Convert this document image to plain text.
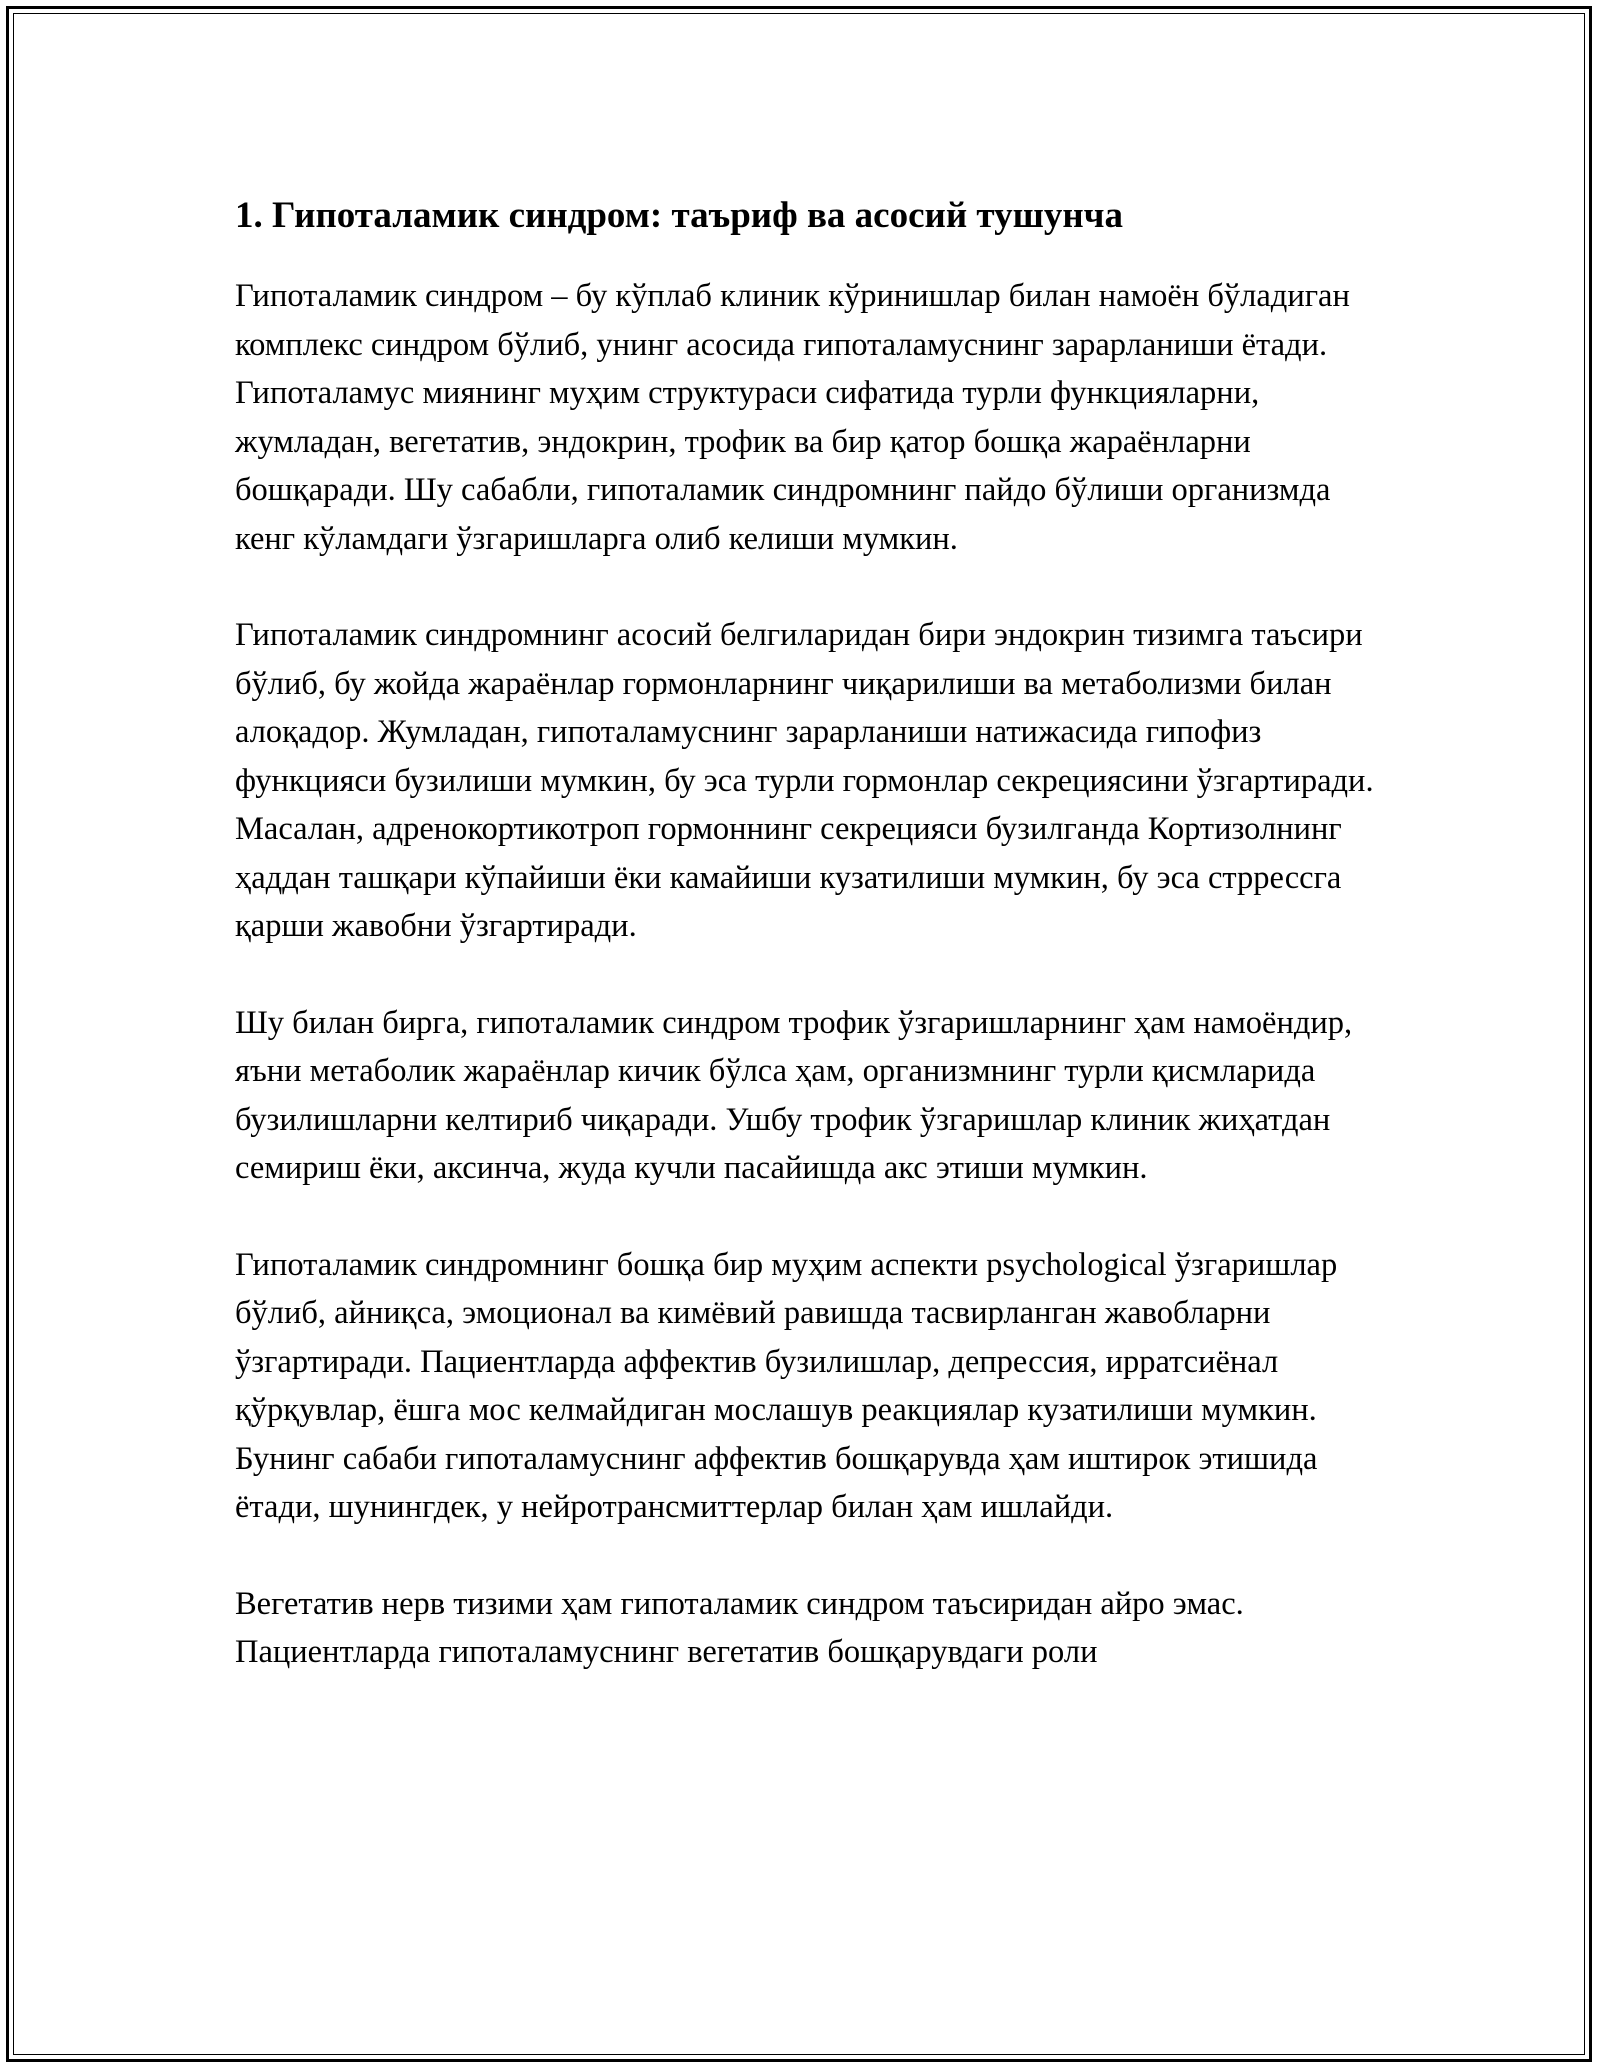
1. Гипоталамик синдром: таъриф ва асосий тушунча

Гипоталамик синдром – бу кўплаб клиник кўринишлар билан намоён бўладиган комплекс синдром бўлиб, унинг асосида гипоталамуснинг зарарланиши ётади. Гипоталамус миянинг муҳим структураси сифатида турли функцияларни, жумладан, вегетатив, эндокрин, трофик ва бир қатор бошқа жараёнларни бошқаради. Шу сабабли, гипоталамик синдромнинг пайдо бўлиши организмда кенг кўламдаги ўзгаришларга олиб келиши мумкин.

Гипоталамик синдромнинг асосий белгиларидан бири эндокрин тизимга таъсири бўлиб, бу жойда жараёнлар гормонларнинг чиқарилиши ва метаболизми билан алоқадор. Жумладан, гипоталамуснинг зарарланиши натижасида гипофиз функцияси бузилиши мумкин, бу эса турли гормонлар секрециясини ўзгартиради. Масалан, адренокортикотроп гормоннинг секрецияси бузилганда Кортизолнинг ҳаддан ташқари кўпайиши ёки камайиши кузатилиши мумкин, бу эса стррессга қарши жавобни ўзгартиради.

Шу билан бирга, гипоталамик синдром трофик ўзгаришларнинг ҳам намоёндир, яъни метаболик жараёнлар кичик бўлса ҳам, организмнинг турли қисмларида бузилишларни келтириб чиқаради. Ушбу трофик ўзгаришлар клиник жиҳатдан семириш ёки, аксинча, жуда кучли пасайишда акс этиши мумкин.

Гипоталамик синдромнинг бошқа бир муҳим аспекти psychological ўзгаришлар бўлиб, айниқса, эмоционал ва кимёвий равишда тасвирланган жавобларни ўзгартиради. Пациентларда аффектив бузилишлар, депрессия, ирратсиёнал қўрқувлар, ёшга мос келмайдиган мослашув реакциялар кузатилиши мумкин. Бунинг сабаби гипоталамуснинг аффектив бошқарувда ҳам иштирок этишида ётади, шунингдек, у нейротрансмиттерлар билан ҳам ишлайди.

Вегетатив нерв тизими ҳам гипоталамик синдром таъсиридан айро эмас. Пациентларда гипоталамуснинг вегетатив бошқарувдаги роли
